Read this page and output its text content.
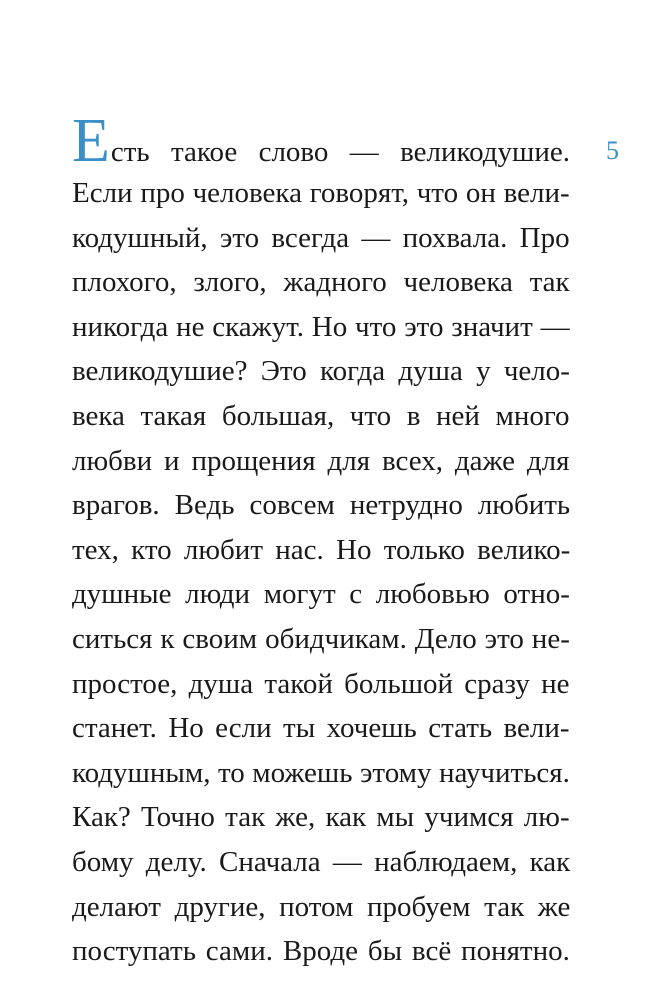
5
Е сть такое слово — великодушие.
Если про человека говорят, что он вели-
кодушный, это всегда — похвала. Про
плохого, злого, жадного человека так
никогда не скажут. Но что это значит —
великодушие? Это когда душа у чело-
века такая большая, что в ней много
любви и прощения для всех, даже для
врагов. Ведь совсем нетрудно любить
тех, кто любит нас. Но только велико-
душные люди могут с любовью отно-
ситься к своим обидчикам. Дело это не-
простое, душа такой большой сразу не
станет. Но если ты хочешь стать вели-
кодушным, то можешь этому научиться.
Как? Точно так же, как мы учимся лю-
бому делу. Сначала — наблюдаем, как
делают другие, потом пробуем так же
поступать сами. Вроде бы всё понятно.
